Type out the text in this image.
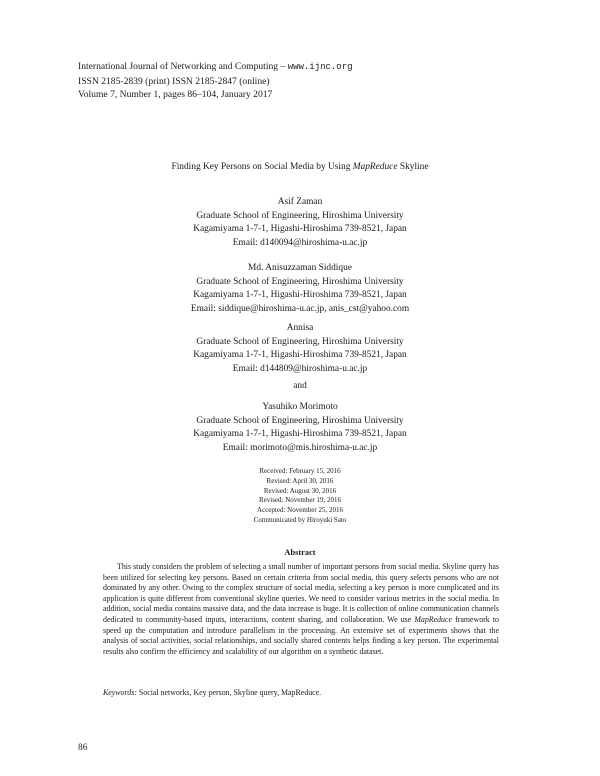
International Journal of Networking and Computing – www.ijnc.org
ISSN 2185-2839 (print) ISSN 2185-2847 (online)
Volume 7, Number 1, pages 86–104, January 2017
Finding Key Persons on Social Media by Using MapReduce Skyline
Asif Zaman
Graduate School of Engineering, Hiroshima University
Kagamiyama 1-7-1, Higashi-Hiroshima 739-8521, Japan
Email: d140094@hiroshima-u.ac.jp
Md. Anisuzzaman Siddique
Graduate School of Engineering, Hiroshima University
Kagamiyama 1-7-1, Higashi-Hiroshima 739-8521, Japan
Email: siddique@hiroshima-u.ac.jp, anis_cst@yahoo.com
Annisa
Graduate School of Engineering, Hiroshima University
Kagamiyama 1-7-1, Higashi-Hiroshima 739-8521, Japan
Email: d144809@hiroshima-u.ac.jp
and
Yasuhiko Morimoto
Graduate School of Engineering, Hiroshima University
Kagamiyama 1-7-1, Higashi-Hiroshima 739-8521, Japan
Email: morimoto@mis.hiroshima-u.ac.jp
Received: February 15, 2016
Revised: April 30, 2016
Revised: August 30, 2016
Revised: November 19, 2016
Accepted: November 25, 2016
Communicated by Hiroyuki Sato
Abstract

This study considers the problem of selecting a small number of important persons from social media. Skyline query has been utilized for selecting key persons. Based on certain criteria from social media, this query selects persons who are not dominated by any other. Owing to the complex structure of social media, selecting a key person is more complicated and its application is quite different from conventional skyline queries. We need to consider various metrics in the social media. In addition, social media contains massive data, and the data increase is huge. It is collection of online communication channels dedicated to community-based inputs, interactions, content sharing, and collaboration. We use MapReduce framework to speed up the computation and introduce parallelism in the processing. An extensive set of experiments shows that the analysis of social activities, social relationships, and socially shared contents helps finding a key person. The experimental results also confirm the efficiency and scalability of our algorithm on a synthetic dataset.

Keywords: Social networks, Key person, Skyline query, MapReduce.
86
